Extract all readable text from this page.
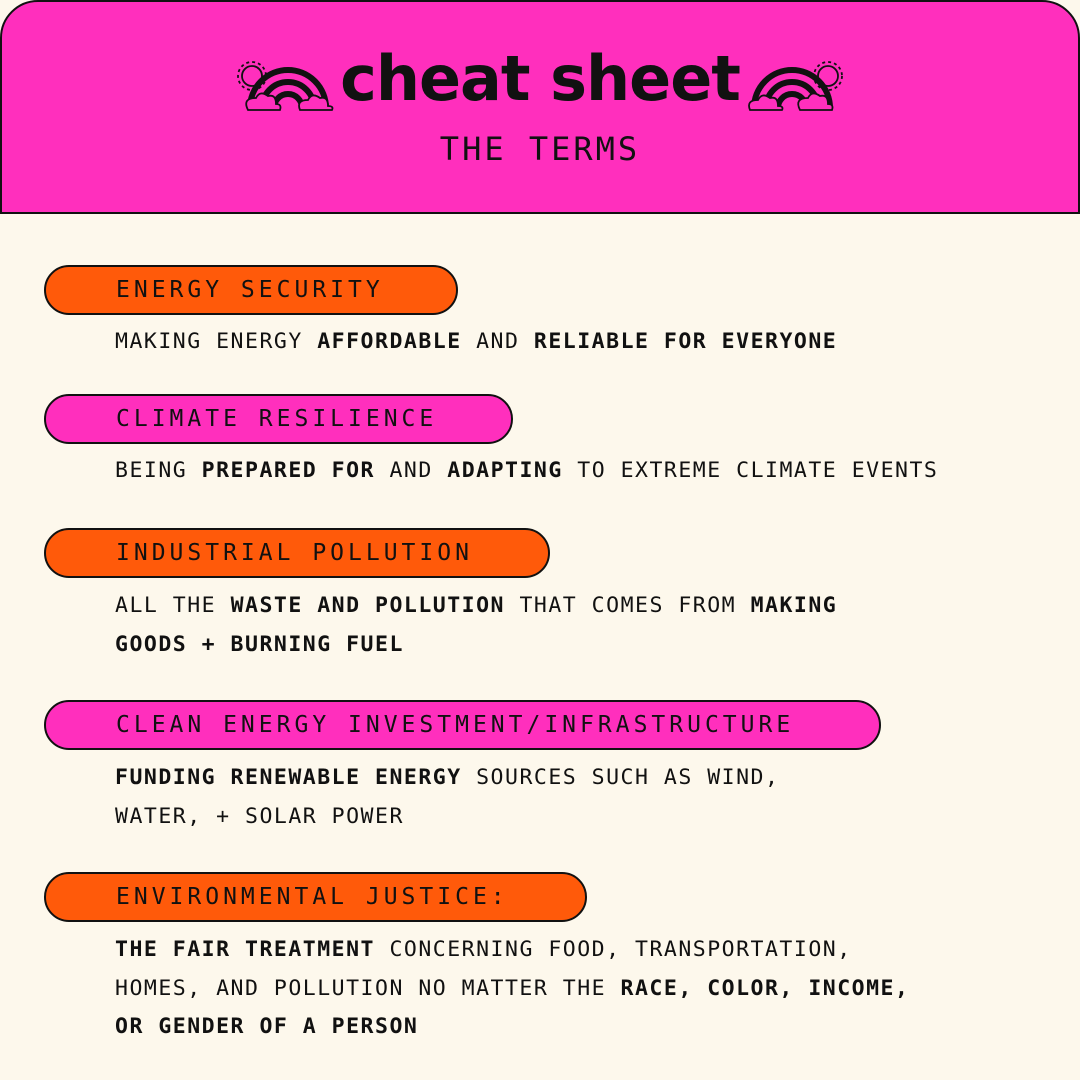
cheat sheet

THE TERMS

ENERGY SECURITY
MAKING ENERGY AFFORDABLE AND RELIABLE FOR EVERYONE
CLIMATE RESILIENCE
BEING PREPARED FOR AND ADAPTING TO EXTREME CLIMATE EVENTS
INDUSTRIAL POLLUTION
ALL THE WASTE AND POLLUTION THAT COMES FROM MAKING
GOODS + BURNING FUEL
CLEAN ENERGY INVESTMENT/INFRASTRUCTURE
FUNDING RENEWABLE ENERGY SOURCES SUCH AS WIND,
WATER, + SOLAR POWER
ENVIRONMENTAL JUSTICE:
THE FAIR TREATMENT CONCERNING FOOD, TRANSPORTATION,
HOMES, AND POLLUTION NO MATTER THE RACE, COLOR, INCOME,
OR GENDER OF A PERSON
